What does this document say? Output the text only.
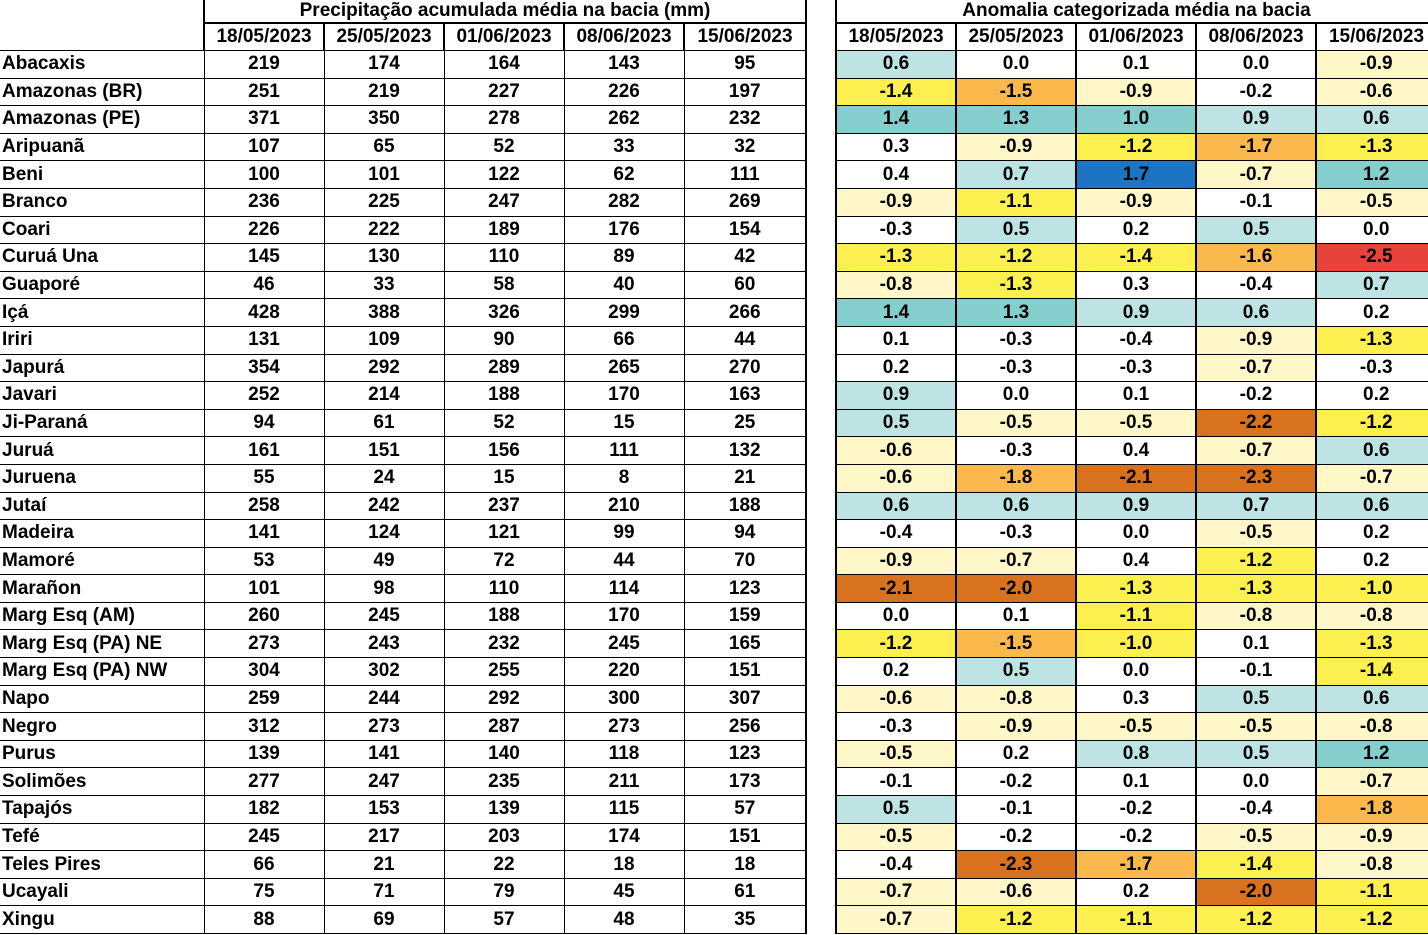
	Precipitação acumulada média na bacia (mm)				
	18/05/2023	25/05/2023	01/06/2023	08/06/2023	15/06/2023
Abacaxis	219	174	164	143	95
Amazonas (BR)	251	219	227	226	197
Amazonas (PE)	371	350	278	262	232
Aripuanã	107	65	52	33	32
Beni	100	101	122	62	111
Branco	236	225	247	282	269
Coari	226	222	189	176	154
Curuá Una	145	130	110	89	42
Guaporé	46	33	58	40	60
Içá	428	388	326	299	266
Iriri	131	109	90	66	44
Japurá	354	292	289	265	270
Javari	252	214	188	170	163
Ji-Paraná	94	61	52	15	25
Juruá	161	151	156	111	132
Juruena	55	24	15	8	21
Jutaí	258	242	237	210	188
Madeira	141	124	121	99	94
Mamoré	53	49	72	44	70
Marañon	101	98	110	114	123
Marg Esq (AM)	260	245	188	170	159
Marg Esq (PA) NE	273	243	232	245	165
Marg Esq (PA) NW	304	302	255	220	151
Napo	259	244	292	300	307
Negro	312	273	287	273	256
Purus	139	141	140	118	123
Solimões	277	247	235	211	173
Tapajós	182	153	139	115	57
Tefé	245	217	203	174	151
Teles Pires	66	21	22	18	18
Ucayali	75	71	79	45	61
Xingu	88	69	57	48	35
Anomalia categorizada média na bacia				
18/05/2023	25/05/2023	01/06/2023	08/06/2023	15/06/2023
0.6	0.0	0.1	0.0	-0.9
-1.4	-1.5	-0.9	-0.2	-0.6
1.4	1.3	1.0	0.9	0.6
0.3	-0.9	-1.2	-1.7	-1.3
0.4	0.7	1.7	-0.7	1.2
-0.9	-1.1	-0.9	-0.1	-0.5
-0.3	0.5	0.2	0.5	0.0
-1.3	-1.2	-1.4	-1.6	-2.5
-0.8	-1.3	0.3	-0.4	0.7
1.4	1.3	0.9	0.6	0.2
0.1	-0.3	-0.4	-0.9	-1.3
0.2	-0.3	-0.3	-0.7	-0.3
0.9	0.0	0.1	-0.2	0.2
0.5	-0.5	-0.5	-2.2	-1.2
-0.6	-0.3	0.4	-0.7	0.6
-0.6	-1.8	-2.1	-2.3	-0.7
0.6	0.6	0.9	0.7	0.6
-0.4	-0.3	0.0	-0.5	0.2
-0.9	-0.7	0.4	-1.2	0.2
-2.1	-2.0	-1.3	-1.3	-1.0
0.0	0.1	-1.1	-0.8	-0.8
-1.2	-1.5	-1.0	0.1	-1.3
0.2	0.5	0.0	-0.1	-1.4
-0.6	-0.8	0.3	0.5	0.6
-0.3	-0.9	-0.5	-0.5	-0.8
-0.5	0.2	0.8	0.5	1.2
-0.1	-0.2	0.1	0.0	-0.7
0.5	-0.1	-0.2	-0.4	-1.8
-0.5	-0.2	-0.2	-0.5	-0.9
-0.4	-2.3	-1.7	-1.4	-0.8
-0.7	-0.6	0.2	-2.0	-1.1
-0.7	-1.2	-1.1	-1.2	-1.2
